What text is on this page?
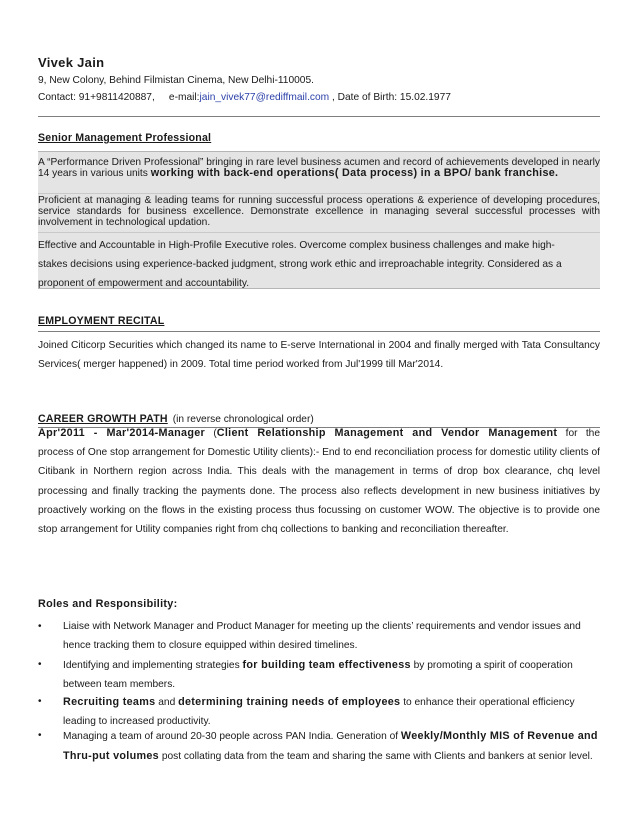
Vivek Jain
9, New Colony, Behind Filmistan Cinema, New Delhi-110005.
Contact: 91+9811420887,     e-mail:jain_vivek77@rediffmail.com , Date of Birth: 15.02.1977
Senior Management Professional
A “Performance Driven Professional” bringing in rare level business acumen and record of achievements developed in nearly 14 years in various units working with back-end operations( Data process) in a BPO/ bank franchise.
Proficient at managing & leading teams for running successful process operations & experience of developing procedures, service standards for business excellence. Demonstrate excellence in managing several successful processes with involvement in technological updation.
Effective and Accountable in High-Profile Executive roles. Overcome complex business challenges and make high-
stakes decisions using experience-backed judgment, strong work ethic and irreproachable integrity. Considered as a
proponent of empowerment and accountability.
EMPLOYMENT RECITAL
Joined Citicorp Securities which changed its name to E-serve International in 2004 and finally merged with Tata Consultancy Services( merger happened) in 2009. Total time period worked from Jul'1999 till Mar'2014.
CAREER GROWTH PATH (in reverse chronological order)
Apr'2011 - Mar'2014-Manager (Client Relationship Management and Vendor Management for the
process of One stop arrangement for Domestic Utility clients):- End to end reconciliation process for domestic utility clients of Citibank in Northern region across India. This deals with the management in terms of drop box clearance, chq level processing and finally tracking the payments done. The process also reflects development in new business initiatives by proactively working on the flows in the existing process thus focussing on customer WOW. The objective is to provide one stop arrangement for Utility companies right from chq collections to banking and reconciliation thereafter.
Roles and Responsibility:
• Liaise with Network Manager and Product Manager for meeting up the clients’ requirements and vendor issues and hence tracking them to closure equipped within desired timelines.
• Identifying and implementing strategies for building team effectiveness by promoting a spirit of cooperation between team members.
• Recruiting teams and determining training needs of employees to enhance their operational efficiency leading to increased productivity.
• Managing a team of around 20-30 people across PAN India. Generation of Weekly/Monthly MIS of Revenue and Thru-put volumes post collating data from the team and sharing the same with Clients and bankers at senior level.
